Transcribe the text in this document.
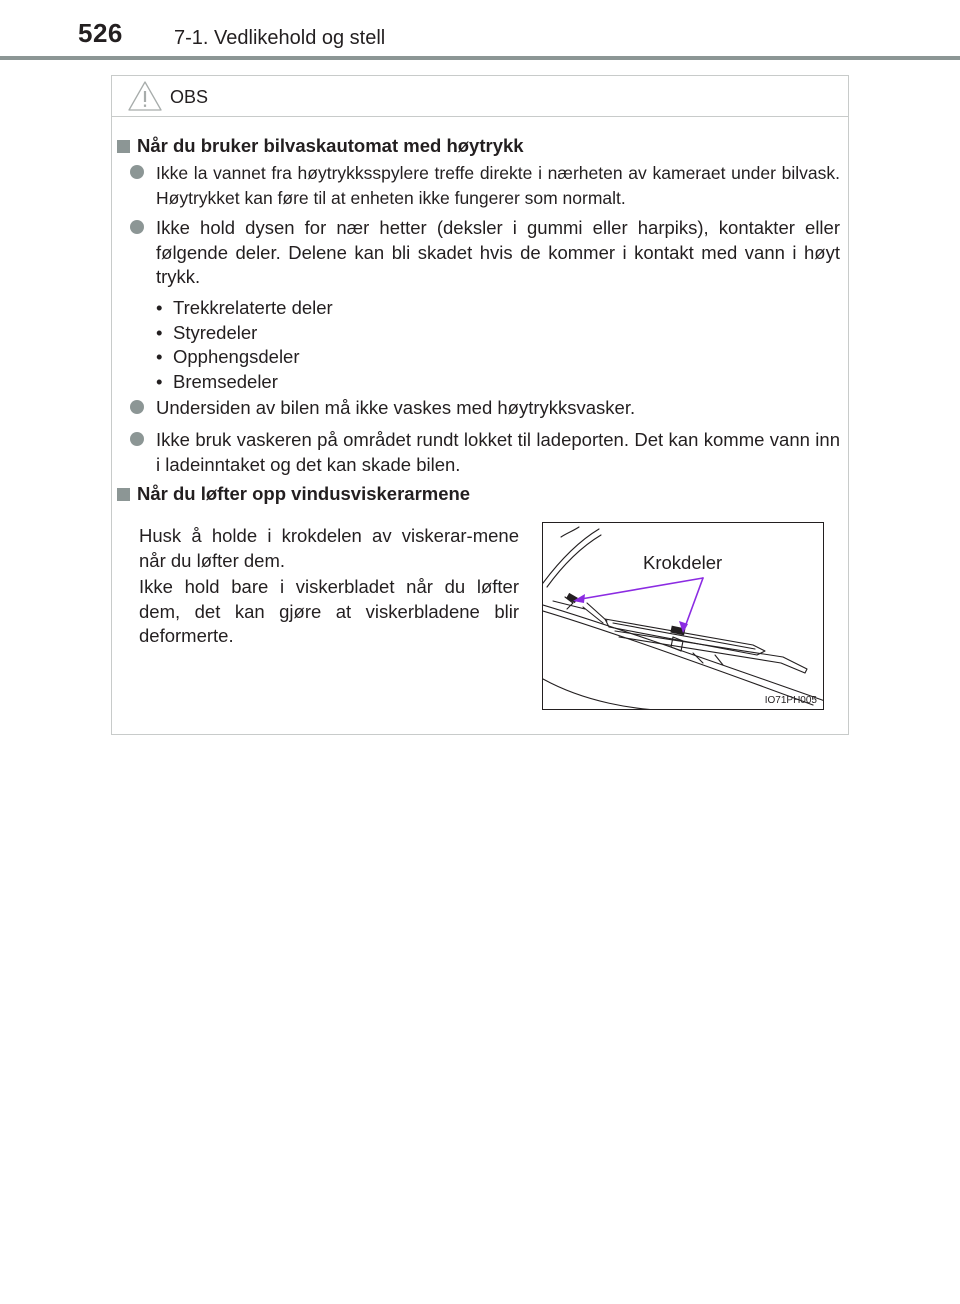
526	7-1. Vedlikehold og stell
OBS
Når du bruker bilvaskautomat med høytrykk
Ikke la vannet fra høytrykksspylere treffe direkte i nærheten av kameraet under bilvask. Høytrykket kan føre til at enheten ikke fungerer som normalt.
Ikke hold dysen for nær hetter (deksler i gummi eller harpiks), kontakter eller følgende deler. Delene kan bli skadet hvis de kommer i kontakt med vann i høyt trykk.
• Trekkrelaterte deler
• Styredeler
• Opphengsdeler
• Bremsedeler
Undersiden av bilen må ikke vaskes med høytrykksvasker.
Ikke bruk vaskeren på området rundt lokket til ladeporten. Det kan komme vann inn i ladeinntaket og det kan skade bilen.
Når du løfter opp vindusviskerarmene
Husk å holde i krokdelen av viskerar-mene når du løfter dem.
Ikke hold bare i viskerbladet når du løfter dem, det kan gjøre at viskerbladene blir deformerte.
Krokdeler
IO71PH005
